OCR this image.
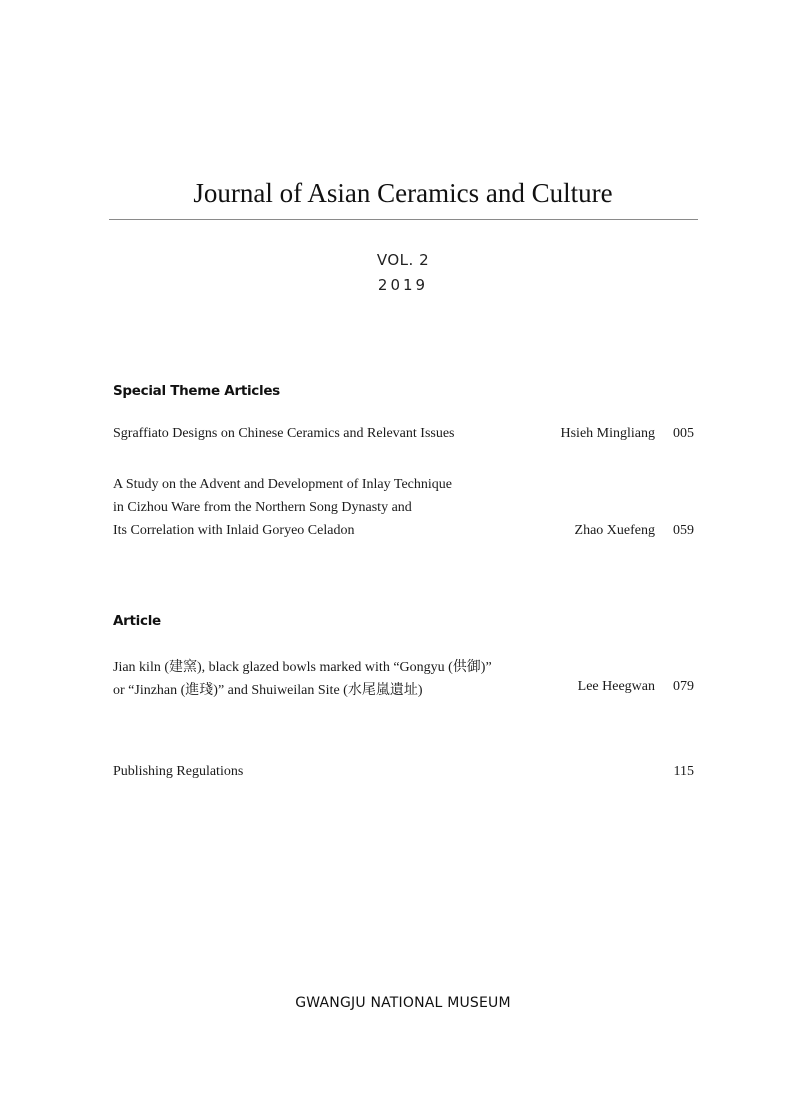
Journal of Asian Ceramics and Culture
VOL. 2
2019
Special Theme Articles
Sgraffiato Designs on Chinese Ceramics and Relevant Issues	Hsieh Mingliang 005
A Study on the Advent and Development of Inlay Technique
in Cizhou Ware from the Northern Song Dynasty and
Its Correlation with Inlaid Goryeo Celadon	Zhao Xuefeng 059
Article
Jian kiln (建窯), black glazed bowls marked with “Gongyu (供御)”
or “Jinzhan (進琖)” and Shuiweilan Site (水尾嵐遺址)	Lee Heegwan 079
Publishing Regulations	115
GWANGJU NATIONAL MUSEUM
